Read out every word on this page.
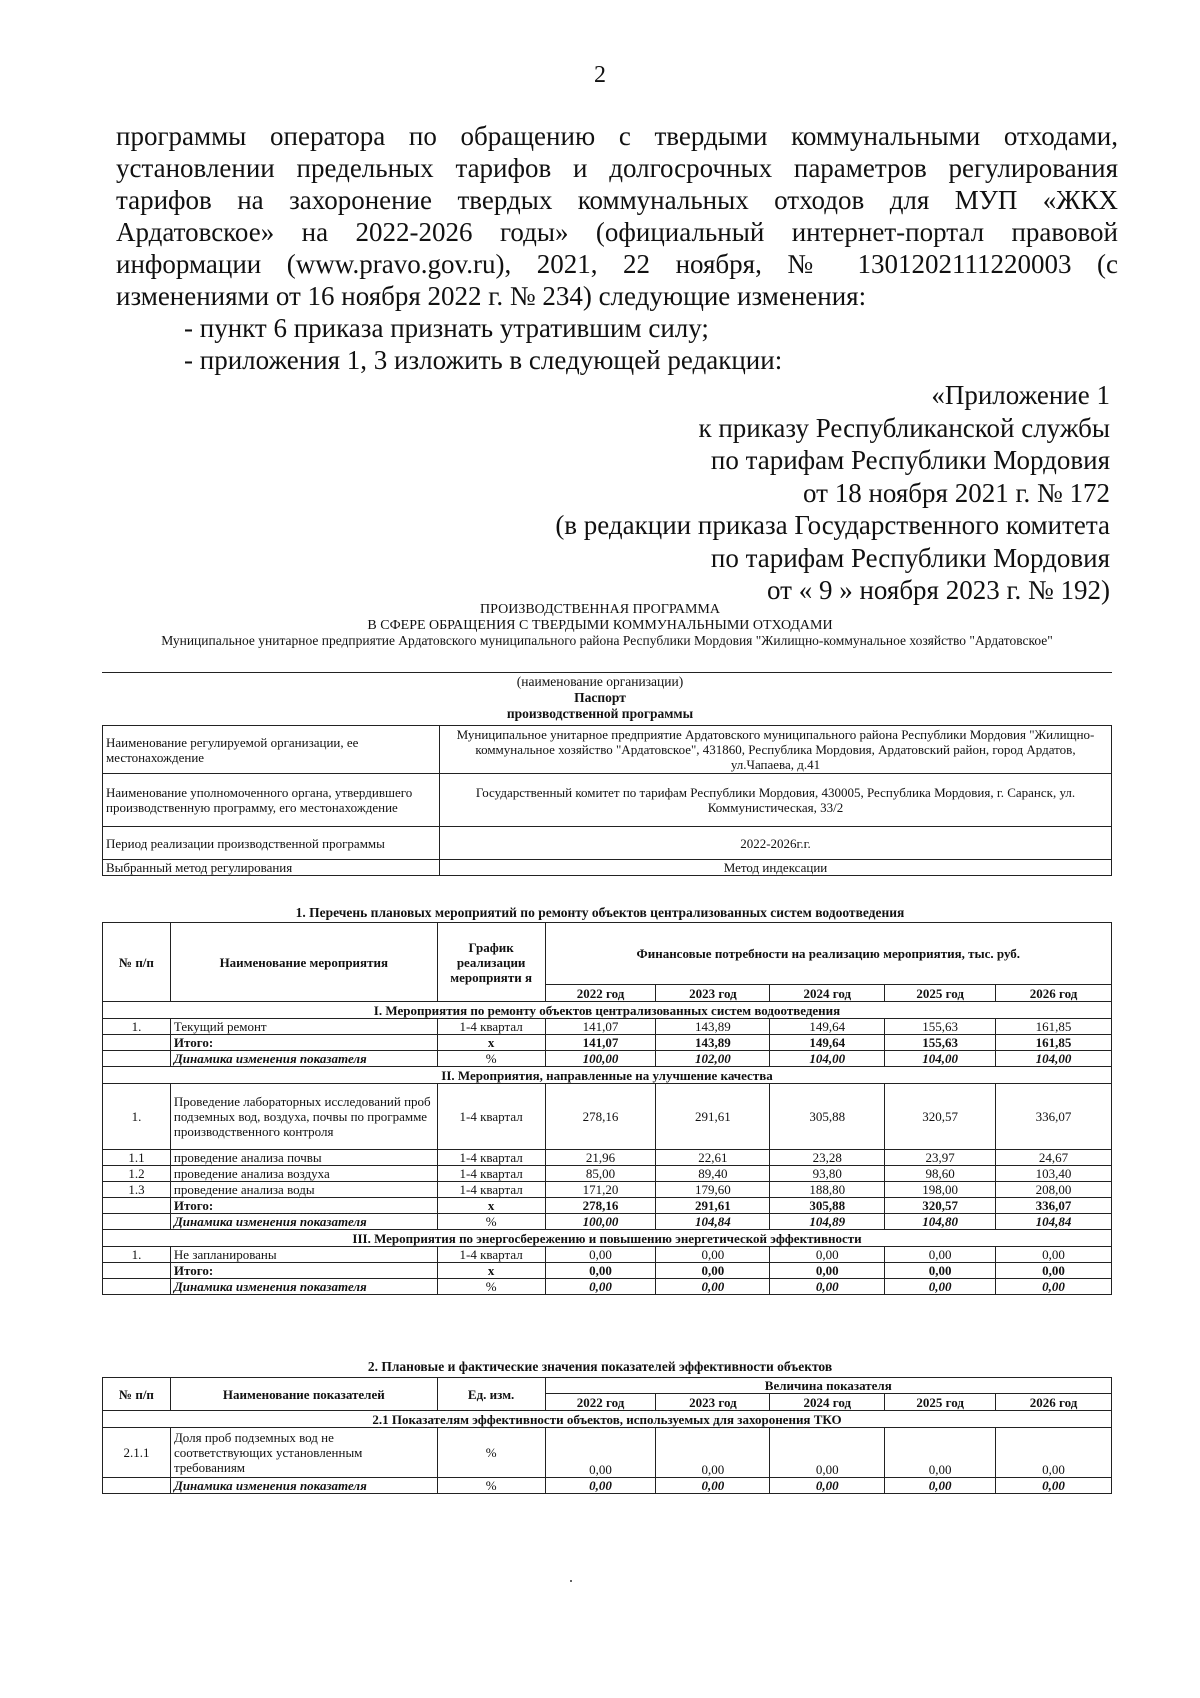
2
программы оператора по обращению с твердыми коммунальными отходами,
установлении предельных тарифов и долгосрочных параметров регулирования
тарифов на захоронение твердых коммунальных отходов для МУП «ЖКХ
Ардатовское» на 2022-2026 годы» (официальный интернет-портал правовой
информации (www.pravo.gov.ru), 2021, 22 ноября, № 1301202111220003 (с
изменениями от 16 ноября 2022 г. № 234) следующие изменения:
- пункт 6 приказа признать утратившим силу;
- приложения 1, 3 изложить в следующей редакции:
«Приложение 1
к приказу Республиканской службы
по тарифам Республики Мордовия
от 18 ноября 2021 г. № 172
(в редакции приказа Государственного комитета
по тарифам Республики Мордовия
от « 9 » ноября 2023 г. № 192)
ПРОИЗВОДСТВЕННАЯ ПРОГРАММА
В СФЕРЕ ОБРАЩЕНИЯ С ТВЕРДЫМИ КОММУНАЛЬНЫМИ ОТХОДАМИ
Муниципальное унитарное предприятие Ардатовского муниципального района Республики Мордовия "Жилищно-коммунальное хозяйство "Ардатовское"
(наименование организации)
Паспорт
производственной программы
Наименование регулируемой организации, ее местонахождение	Муниципальное унитарное предприятие Ардатовского муниципального района Республики Мордовия "Жилищно-коммунальное хозяйство "Ардатовское", 431860, Республика Мордовия, Ардатовский район, город Ардатов, ул.Чапаева, д.41
Наименование уполномоченного органа, утвердившего производственную программу, его местонахождение	Государственный комитет по тарифам Республики Мордовия, 430005, Республика Мордовия, г. Саранск, ул. Коммунистическая, 33/2
Период реализации производственной программы	2022-2026г.г.
Выбранный метод регулирования	Метод индексации
1. Перечень плановых мероприятий по ремонту объектов централизованных систем водоотведения
№ п/п	Наименование мероприятия	График реализации мероприяти я	Финансовые потребности на реализацию мероприятия, тыс. руб.				
			2022 год	2023 год	2024 год	2025 год	2026 год
I. Мероприятия по ремонту объектов централизованных систем водоотведения							
1.	Текущий ремонт	1-4 квартал	141,07	143,89	149,64	155,63	161,85
	Итого:	х	141,07	143,89	149,64	155,63	161,85
	Динамика изменения показателя	%	100,00	102,00	104,00	104,00	104,00
II. Мероприятия, направленные на улучшение качества							
1.	Проведение лабораторных исследований проб подземных вод, воздуха, почвы по программе производственного контроля	1-4 квартал	278,16	291,61	305,88	320,57	336,07
1.1	проведение анализа почвы	1-4 квартал	21,96	22,61	23,28	23,97	24,67
1.2	проведение анализа воздуха	1-4 квартал	85,00	89,40	93,80	98,60	103,40
1.3	проведение анализа воды	1-4 квартал	171,20	179,60	188,80	198,00	208,00
	Итого:	х	278,16	291,61	305,88	320,57	336,07
	Динамика изменения показателя	%	100,00	104,84	104,89	104,80	104,84
III. Мероприятия по энергосбережению и повышению энергетической эффективности							
1.	Не запланированы	1-4 квартал	0,00	0,00	0,00	0,00	0,00
	Итого:	х	0,00	0,00	0,00	0,00	0,00
	Динамика изменения показателя	%	0,00	0,00	0,00	0,00	0,00
2. Плановые и фактические значения показателей эффективности объектов
№ п/п	Наименование показателей	Ед. изм.	Величина показателя				
			2022 год	2023 год	2024 год	2025 год	2026 год
2.1 Показателям эффективности объектов, используемых для захоронения ТКО							
2.1.1	Доля проб подземных вод не соответствующих установленным требованиям	%	0,00	0,00	0,00	0,00	0,00
	Динамика изменения показателя	%	0,00	0,00	0,00	0,00	0,00
